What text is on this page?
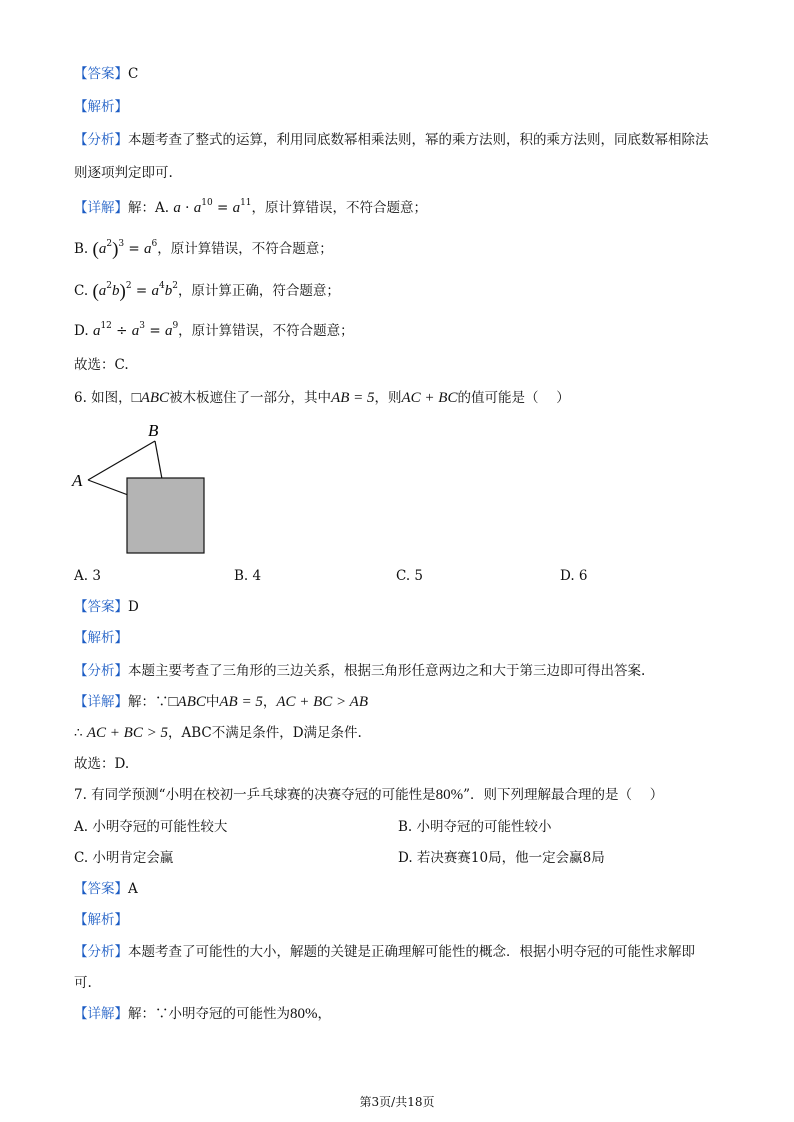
【答案】C
【解析】
【分析】本题考查了整式的运算，利用同底数幂相乘法则，幂的乘方法则，积的乘方法则，同底数幂相除法
则逐项判定即可.
【详解】解：A. $a \cdot a^{10} = a^{11}$，原计算错误，不符合题意；
B. $(a^2)^3 = a^6$，原计算错误，不符合题意；
C. $(a^2b)^2 = a^4b^2$，原计算正确，符合题意；
D. $a^{12} \div a^3 = a^9$，原计算错误，不符合题意；
故选：C.
6. 如图，□ABC被木板遮住了一部分，其中AB = 5，则AC + BC的值可能是（　 ）
B
A
A. 3	B. 4	C. 5	D. 6
【答案】D
【解析】
【分析】本题主要考查了三角形的三边关系，根据三角形任意两边之和大于第三边即可得出答案.
【详解】解：∵□ABC中AB = 5，AC + BC > AB
∴ AC + BC > 5，ABC不满足条件，D满足条件.
故选：D.
7. 有同学预测“小明在校初一乒乓球赛的决赛夺冠的可能性是80%”．则下列理解最合理的是（　 ）
A. 小明夺冠的可能性较大	B. 小明夺冠的可能性较小
C. 小明肯定会赢	D. 若决赛赛10局，他一定会赢8局
【答案】A
【解析】
【分析】本题考查了可能性的大小，解题的关键是正确理解可能性的概念．根据小明夺冠的可能性求解即
可.
【详解】解：∵小明夺冠的可能性为80%，
第3页/共18页
